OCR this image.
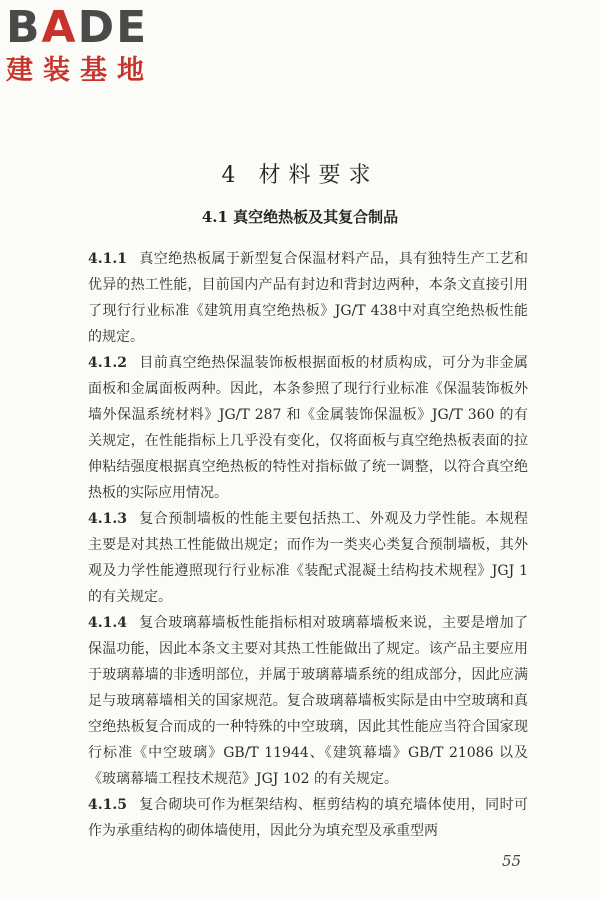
BADE
建装基地
4 材料要求
4.1 真空绝热板及其复合制品

4.1.1 真空绝热板属于新型复合保温材料产品，具有独特生产工艺和优异的热工性能，目前国内产品有封边和背封边两种，本条文直接引用了现行行业标准《建筑用真空绝热板》JG/T 438中对真空绝热板性能的规定。

4.1.2 目前真空绝热保温装饰板根据面板的材质构成，可分为非金属面板和金属面板两种。因此，本条参照了现行行业标准《保温装饰板外墙外保温系统材料》JG/T 287 和《金属装饰保温板》JG/T 360 的有关规定，在性能指标上几乎没有变化，仅将面板与真空绝热板表面的拉伸粘结强度根据真空绝热板的特性对指标做了统一调整，以符合真空绝热板的实际应用情况。

4.1.3 复合预制墙板的性能主要包括热工、外观及力学性能。本规程主要是对其热工性能做出规定；而作为一类夹心类复合预制墙板，其外观及力学性能遵照现行行业标准《装配式混凝土结构技术规程》JGJ 1 的有关规定。

4.1.4 复合玻璃幕墙板性能指标相对玻璃幕墙板来说，主要是增加了保温功能，因此本条文主要对其热工性能做出了规定。该产品主要应用于玻璃幕墙的非透明部位，并属于玻璃幕墙系统的组成部分，因此应满足与玻璃幕墙相关的国家规范。复合玻璃幕墙板实际是由中空玻璃和真空绝热板复合而成的一种特殊的中空玻璃，因此其性能应当符合国家现行标准《中空玻璃》GB/T 11944、《建筑幕墙》GB/T 21086 以及《玻璃幕墙工程技术规范》JGJ 102 的有关规定。

4.1.5 复合砌块可作为框架结构、框剪结构的填充墙体使用，同时可作为承重结构的砌体墙使用，因此分为填充型及承重型两

55
